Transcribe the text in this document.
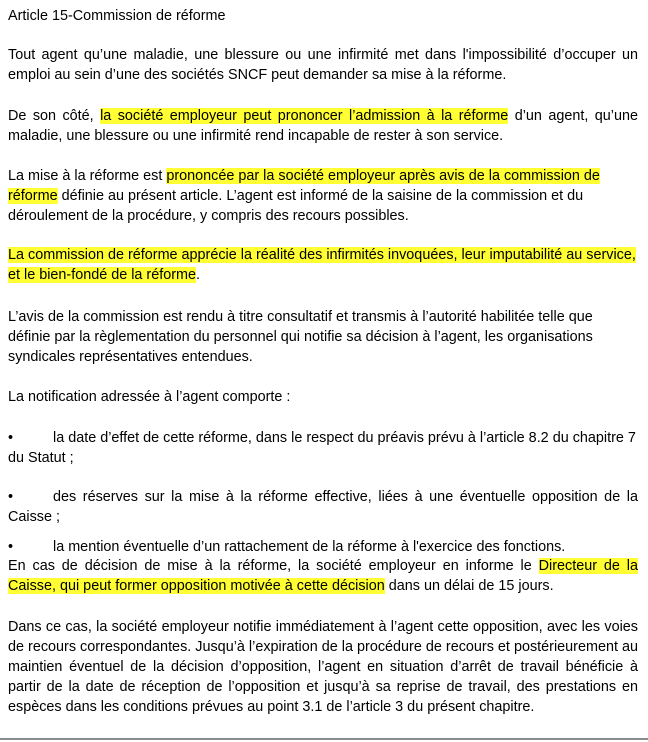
Article 15-Commission de réforme

Tout agent qu’une maladie, une blessure ou une infirmité met dans l'impossibilité d’occuper un emploi au sein d’une des sociétés SNCF peut demander sa mise à la réforme.

De son côté, la société employeur peut prononcer l’admission à la réforme d’un agent, qu’une maladie, une blessure ou une infirmité rend incapable de rester à son service.

La mise à la réforme est prononcée par la société employeur après avis de la commission de réforme définie au présent article. L’agent est informé de la saisine de la commission et du déroulement de la procédure, y compris des recours possibles.

La commission de réforme apprécie la réalité des infirmités invoquées, leur imputabilité au service, et le bien-fondé de la réforme.

L’avis de la commission est rendu à titre consultatif et transmis à l’autorité habilitée telle que définie par la règlementation du personnel qui notifie sa décision à l’agent, les organisations syndicales représentatives entendues.

La notification adressée à l’agent comporte :

•	la date d’effet de cette réforme, dans le respect du préavis prévu à l’article 8.2 du chapitre 7 du Statut ;
•	des réserves sur la mise à la réforme effective, liées à une éventuelle opposition de la Caisse ;
•	la mention éventuelle d’un rattachement de la réforme à l'exercice des fonctions.

En cas de décision de mise à la réforme, la société employeur en informe le Directeur de la Caisse, qui peut former opposition motivée à cette décision dans un délai de 15 jours.

Dans ce cas, la société employeur notifie immédiatement à l’agent cette opposition, avec les voies de recours correspondantes. Jusqu’à l’expiration de la procédure de recours et postérieurement au maintien éventuel de la décision d’opposition, l’agent en situation d’arrêt de travail bénéficie à partir de la date de réception de l’opposition et jusqu’à sa reprise de travail, des prestations en espèces dans les conditions prévues au point 3.1 de l’article 3 du présent chapitre.
